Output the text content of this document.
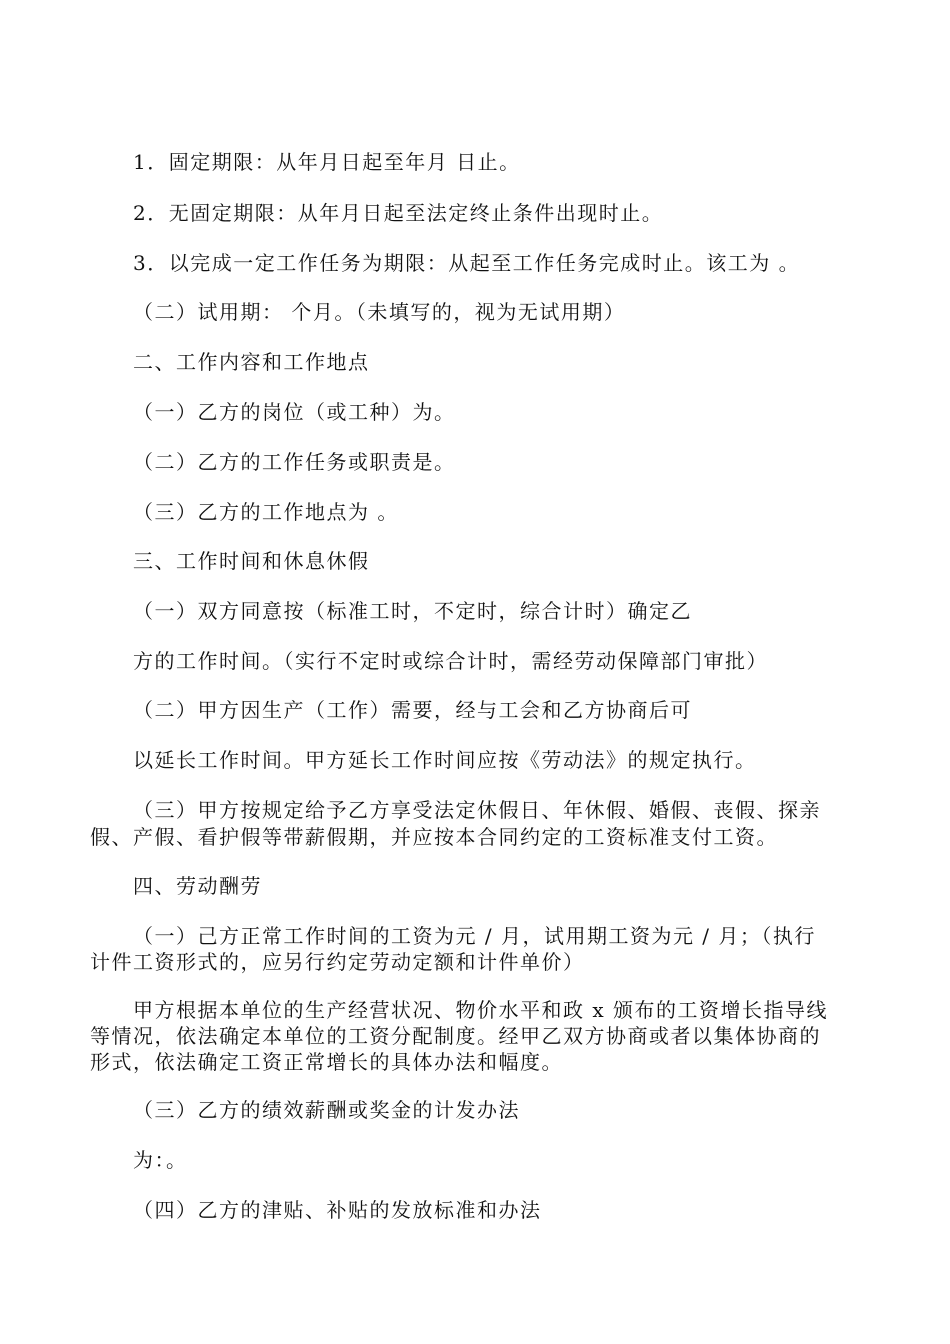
1．固定期限：从年月日起至年月 日止。
2．无固定期限：从年月日起至法定终止条件出现时止。
3．以完成一定工作任务为期限：从起至工作任务完成时止。该工为 。
（二）试用期： 个月。（未填写的，视为无试用期）
二、工作内容和工作地点
（一）乙方的岗位（或工种）为。
（二）乙方的工作任务或职责是。
（三）乙方的工作地点为 。
三、工作时间和休息休假
（一）双方同意按（标准工时，不定时，综合计时）确定乙
方的工作时间。（实行不定时或综合计时，需经劳动保障部门审批）
（二）甲方因生产（工作）需要，经与工会和乙方协商后可
以延长工作时间。甲方延长工作时间应按《劳动法》的规定执行。
（三）甲方按规定给予乙方享受法定休假日、年休假、婚假、丧假、探亲
假、产假、看护假等带薪假期，并应按本合同约定的工资标准支付工资。
四、劳动酬劳
（一）己方正常工作时间的工资为元 / 月，试用期工资为元 / 月；（执行
计件工资形式的，应另行约定劳动定额和计件单价）
甲方根据本单位的生产经营状况、物价水平和政 x 颁布的工资增长指导线
等情况，依法确定本单位的工资分配制度。经甲乙双方协商或者以集体协商的
形式，依法确定工资正常增长的具体办法和幅度。
（三）乙方的绩效薪酬或奖金的计发办法
为：。
（四）乙方的津贴、补贴的发放标准和办法
